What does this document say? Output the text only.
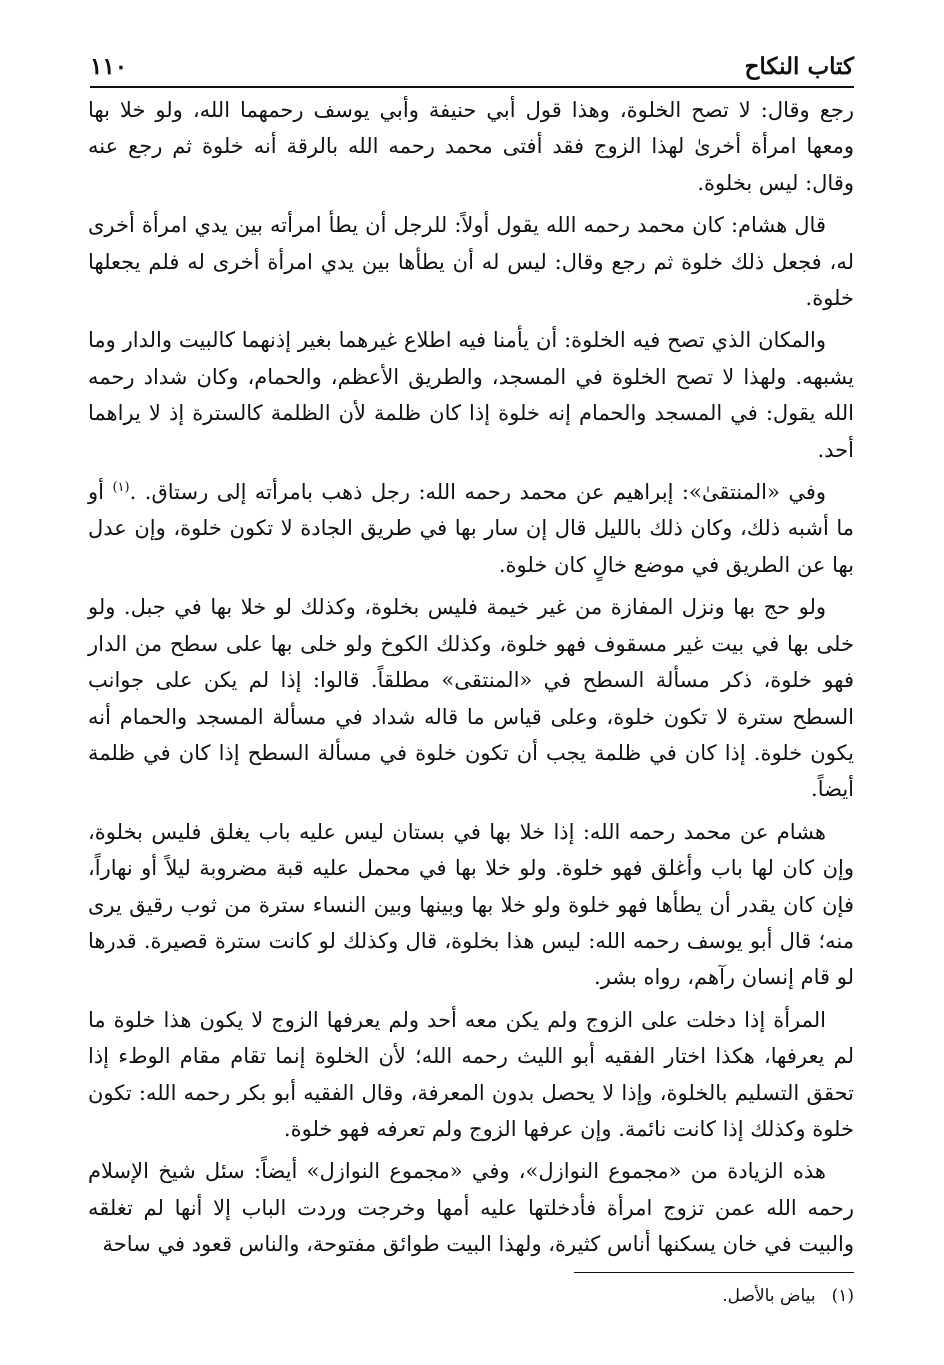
كتاب النكاح
١١٠

رجع وقال: لا تصح الخلوة، وهذا قول أبي حنيفة وأبي يوسف رحمهما الله، ولو خلا بها ومعها امرأة أخرىٰ لهذا الزوج فقد أفتى محمد رحمه الله بالرقة أنه خلوة ثم رجع عنه وقال: ليس بخلوة.

قال هشام: كان محمد رحمه الله يقول أولاً: للرجل أن يطأ امرأته بين يدي امرأة أخرى له، فجعل ذلك خلوة ثم رجع وقال: ليس له أن يطأها بين يدي امرأة أخرى له فلم يجعلها خلوة.

والمكان الذي تصح فيه الخلوة: أن يأمنا فيه اطلاع غيرهما بغير إذنهما كالبيت والدار وما يشبهه. ولهذا لا تصح الخلوة في المسجد، والطريق الأعظم، والحمام، وكان شداد رحمه الله يقول: في المسجد والحمام إنه خلوة إذا كان ظلمة لأن الظلمة كالسترة إذ لا يراهما أحد.

وفي «المنتقىٰ»: إبراهيم عن محمد رحمه الله: رجل ذهب بامرأته إلى رستاق. .$^{(١)}$ أو ما أشبه ذلك، وكان ذلك بالليل قال إن سار بها في طريق الجادة لا تكون خلوة، وإن عدل بها عن الطريق في موضع خالٍ كان خلوة.

ولو حج بها ونزل المفازة من غير خيمة فليس بخلوة، وكذلك لو خلا بها في جبل. ولو خلى بها في بيت غير مسقوف فهو خلوة، وكذلك الكوخ ولو خلى بها على سطح من الدار فهو خلوة، ذكر مسألة السطح في «المنتقى» مطلقاً. قالوا: إذا لم يكن على جوانب السطح سترة لا تكون خلوة، وعلى قياس ما قاله شداد في مسألة المسجد والحمام أنه يكون خلوة. إذا كان في ظلمة يجب أن تكون خلوة في مسألة السطح إذا كان في ظلمة أيضاً.

هشام عن محمد رحمه الله: إذا خلا بها في بستان ليس عليه باب يغلق فليس بخلوة، وإن كان لها باب وأغلق فهو خلوة. ولو خلا بها في محمل عليه قبة مضروبة ليلاً أو نهاراً، فإن كان يقدر أن يطأها فهو خلوة ولو خلا بها وبينها وبين النساء سترة من ثوب رقيق يرى منه؛ قال أبو يوسف رحمه الله: ليس هذا بخلوة، قال وكذلك لو كانت سترة قصيرة. قدرها لو قام إنسان رآهم، رواه بشر.

المرأة إذا دخلت على الزوج ولم يكن معه أحد ولم يعرفها الزوج لا يكون هذا خلوة ما لم يعرفها، هكذا اختار الفقيه أبو الليث رحمه الله؛ لأن الخلوة إنما تقام مقام الوطء إذا تحقق التسليم بالخلوة، وإذا لا يحصل بدون المعرفة، وقال الفقيه أبو بكر رحمه الله: تكون خلوة وكذلك إذا كانت نائمة. وإن عرفها الزوج ولم تعرفه فهو خلوة.

هذه الزيادة من «مجموع النوازل»، وفي «مجموع النوازل» أيضاً: سئل شيخ الإسلام رحمه الله عمن تزوج امرأة فأدخلتها عليه أمها وخرجت وردت الباب إلا أنها لم تغلقه والبيت في خان يسكنها أناس كثيرة، ولهذا البيت طوائق مفتوحة، والناس قعود في ساحة

(١)
بياض بالأصل.
